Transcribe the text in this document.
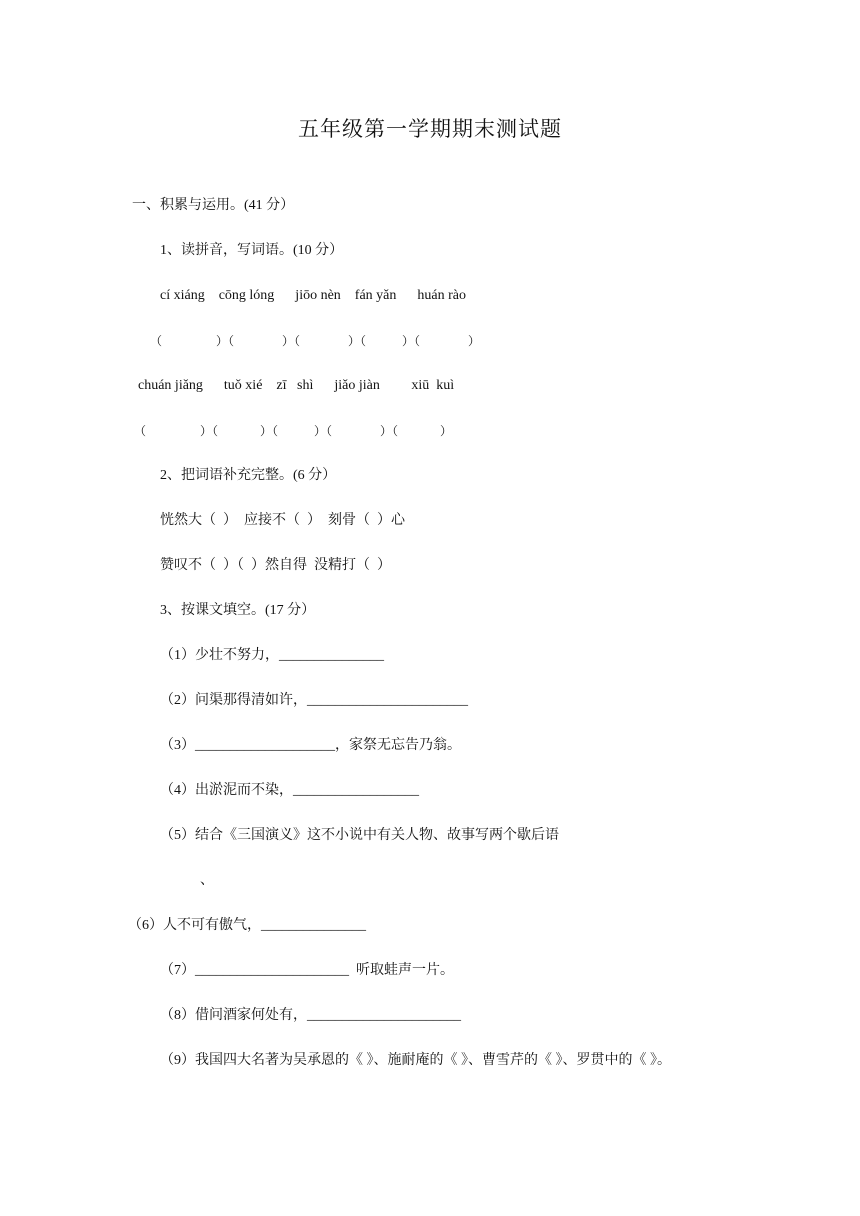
五年级第一学期期末测试题
一、积累与运用。(41 分）
1、读拼音，写词语。(10 分）
cí xiáng    cōng lóng      jiōo nèn    fán yǎn      huán rào
（                  ）（                ）（                ）（            ）（                ）
chuán jiǎng      tuǒ xié    zī   shì      jiǎo jiàn         xiū  kuì
（                  ）（              ）（            ）（                ）（              ）
2、把词语补充完整。(6 分）
恍然大（  ）  应接不（  ）  刻骨（  ）心
赞叹不（  ）（  ）然自得  没精打（  ）
3、按课文填空。(17 分）
（1）少壮不努力，_______________
（2）问渠那得清如许，_______________________
（3）____________________，家祭无忘告乃翁。
（4）出淤泥而不染，__________________
（5）结合《三国演义》这不小说中有关人物、故事写两个歇后语
、
（6）人不可有傲气，_______________
（7）______________________  听取蛙声一片。
（8）借问酒家何处有，______________________
（9）我国四大名著为吴承恩的《 》、施耐庵的《 》、曹雪芹的《 》、罗贯中的《 》。
